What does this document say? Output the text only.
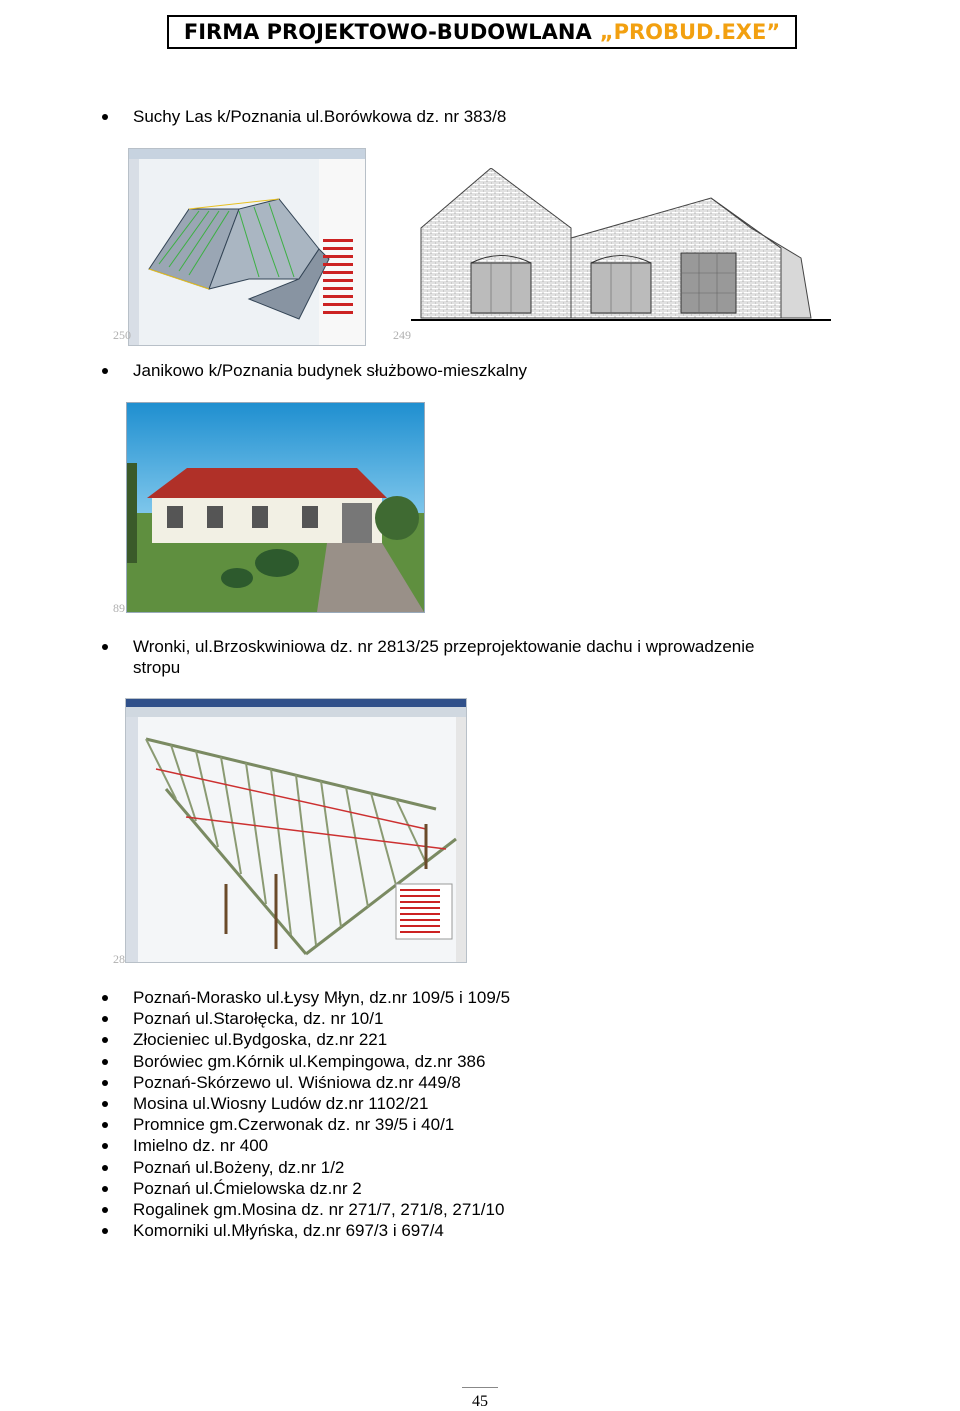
FIRMA PROJEKTOWO-BUDOWLANA „PROBUD.EXE”
Suchy Las k/Poznania ul.Borówkowa dz. nr 383/8
250	249
Janikowo k/Poznania budynek służbowo-mieszkalny
89
Wronki, ul.Brzoskwiniowa dz. nr 2813/25 przeprojektowanie dachu i wprowadzenie
stropu
28
Poznań-Morasko ul.Łysy Młyn, dz.nr 109/5 i 109/5
Poznań ul.Starołęcka, dz. nr 10/1
Złocieniec ul.Bydgoska, dz.nr 221
Borówiec gm.Kórnik ul.Kempingowa, dz.nr 386
Poznań-Skórzewo ul. Wiśniowa dz.nr 449/8
Mosina ul.Wiosny Ludów dz.nr 1102/21
Promnice gm.Czerwonak dz. nr 39/5 i 40/1
Imielno dz. nr 400
Poznań ul.Bożeny, dz.nr 1/2
Poznań ul.Ćmielowska dz.nr 2
Rogalinek gm.Mosina dz. nr 271/7, 271/8, 271/10
Komorniki ul.Młyńska, dz.nr 697/3 i 697/4
45
